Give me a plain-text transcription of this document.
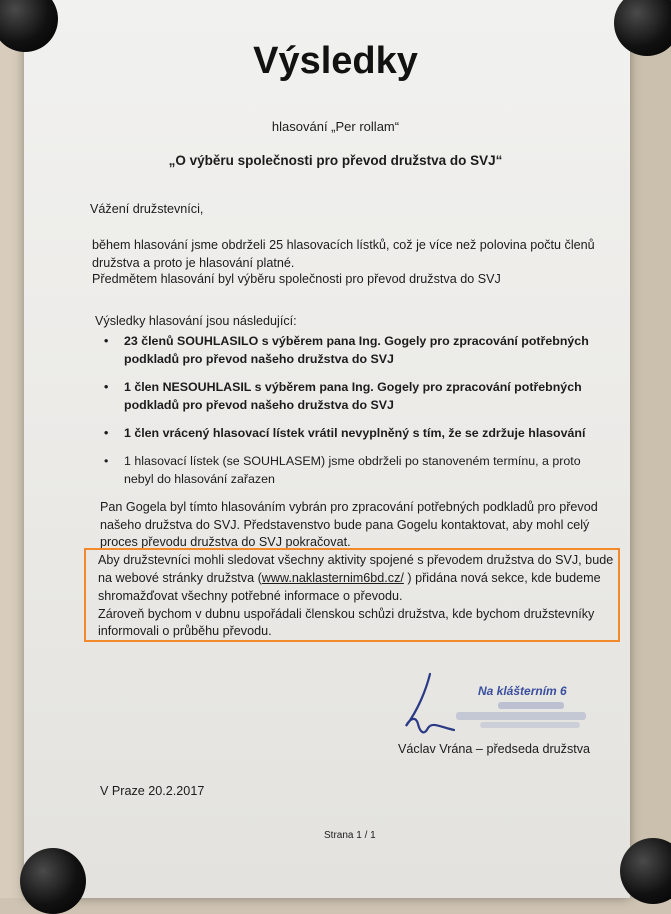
Výsledky

hlasování „Per rollam“

„O výběru společnosti pro převod družstva do SVJ“

Vážení družstevníci,

během hlasování jsme obdrželi 25 hlasovacích lístků, což je více než polovina počtu členů

družstva a proto je hlasování platné.

Předmětem hlasování byl výběru společnosti pro převod družstva do SVJ

Výsledky hlasování jsou následující:

• 23 členů SOUHLASILO s výběrem pana Ing. Gogely pro zpracování potřebných
podkladů pro převod našeho družstva do SVJ
• 1 člen NESOUHLASIL s výběrem pana Ing. Gogely pro zpracování potřebných
podkladů pro převod našeho družstva do SVJ
• 1 člen vrácený hlasovací lístek vrátil nevyplněný s tím, že se zdržuje hlasování
• 1 hlasovací lístek (se SOUHLASEM) jsme obdrželi po stanoveném termínu, a proto
nebyl do hlasování zařazen

Pan Gogela byl tímto hlasováním vybrán pro zpracování potřebných podkladů pro převod

našeho družstva do SVJ. Představenstvo bude pana Gogelu kontaktovat, aby mohl celý

proces převodu družstva do SVJ pokračovat.

Aby družstevníci mohli sledovat všechny aktivity spojené s převodem družstva do SVJ, bude

na webové stránky družstva (www.naklasternim6bd.cz/ ) přidána nová sekce, kde budeme

shromažďovat všechny potřebné informace o převodu.

Zároveň bychom v dubnu uspořádali členskou schůzi družstva, kde bychom družstevníky

informovali o průběhu převodu.

Na klášterním 6

Václav Vrána – předseda družstva

V Praze 20.2.2017

Strana 1 / 1
